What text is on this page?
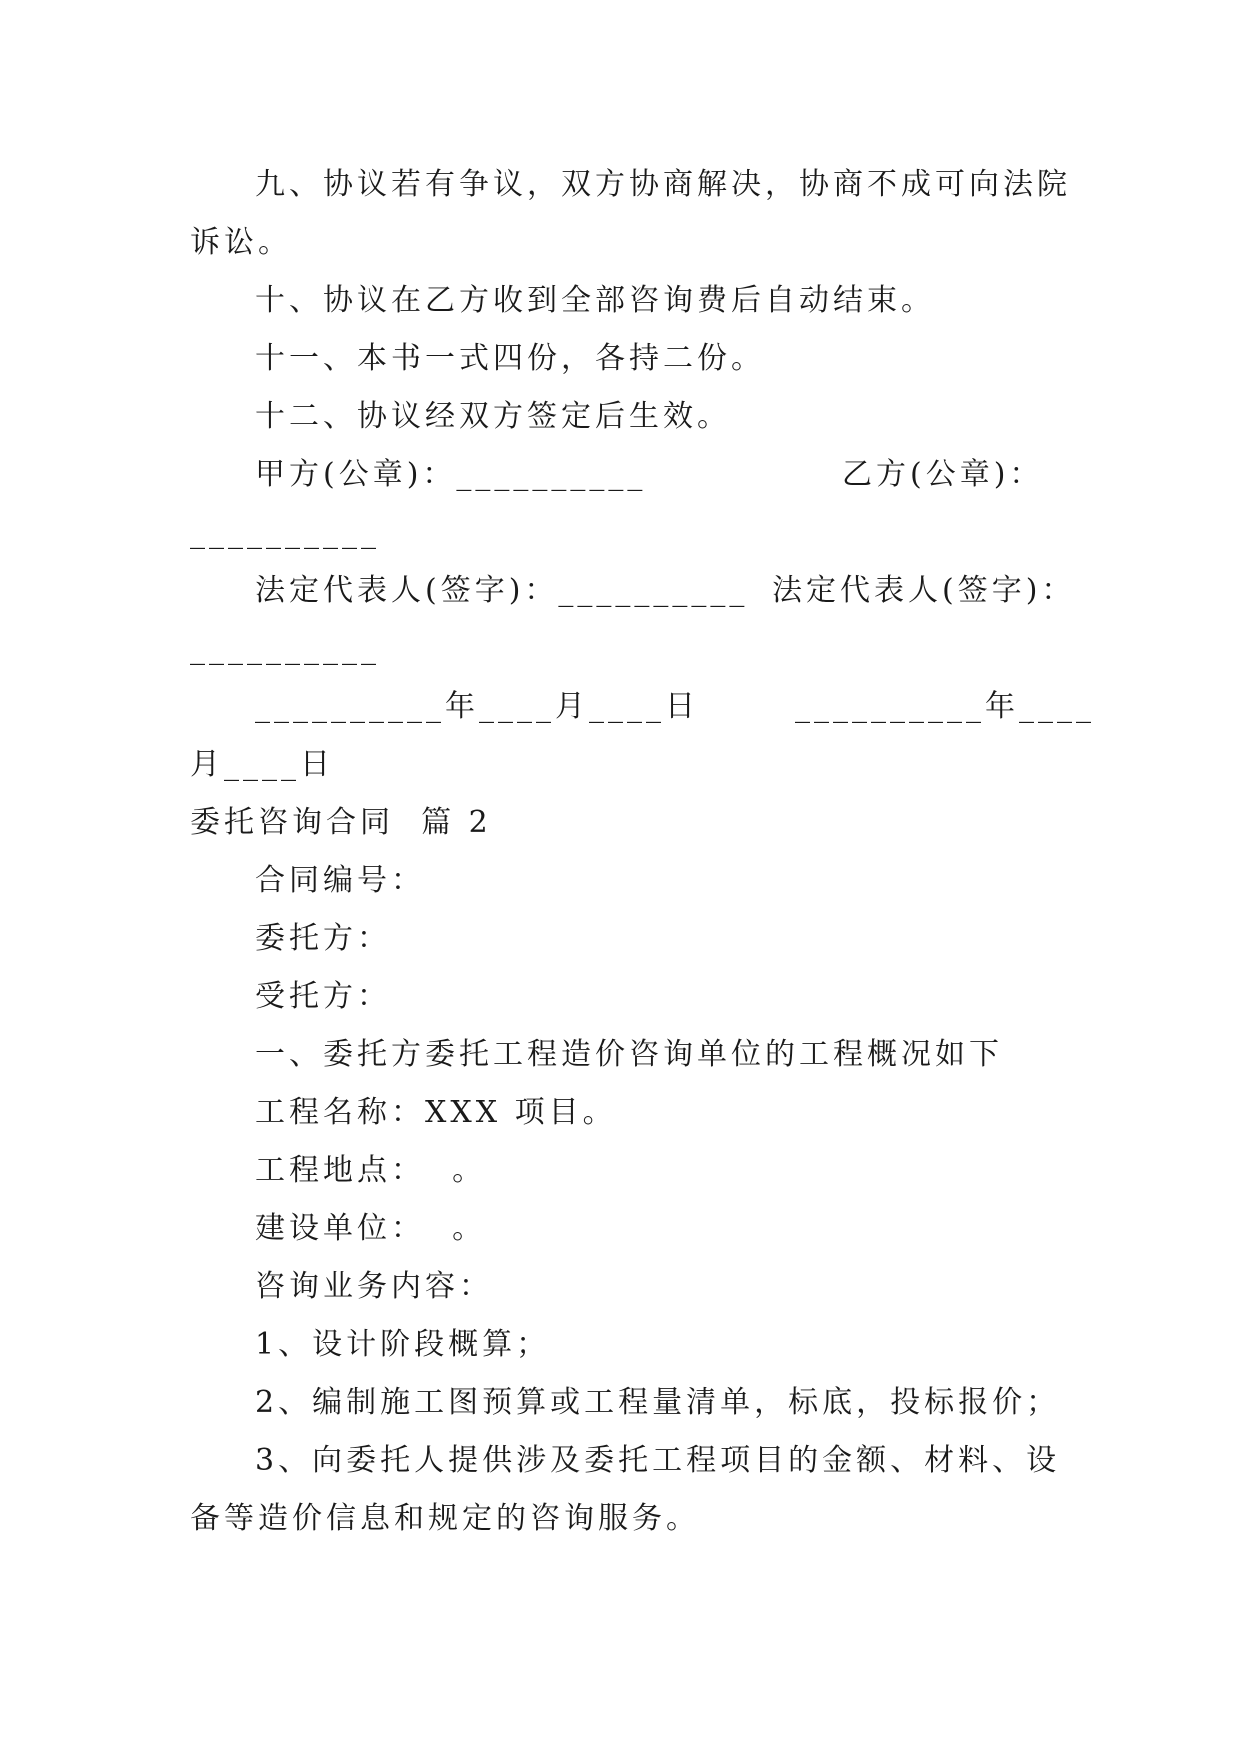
九、协议若有争议，双方协商解决，协商不成可向法院
诉讼。
十、协议在乙方收到全部咨询费后自动结束。
十一、本书一式四份，各持二份。
十二、协议经双方签定后生效。
甲方(公章)：__________	乙方(公章)：
__________
法定代表人(签字)：__________ 法定代表人(签字)：
__________
__________年____月____日	__________年____
月____日
委托咨询合同  篇 2
合同编号：
委托方：
受托方：
一、委托方委托工程造价咨询单位的工程概况如下
工程名称：XXX 项目。
工程地点：  。
建设单位：  。
咨询业务内容：
1、设计阶段概算；
2、编制施工图预算或工程量清单，标底，投标报价；
3、向委托人提供涉及委托工程项目的金额、材料、设
备等造价信息和规定的咨询服务。
